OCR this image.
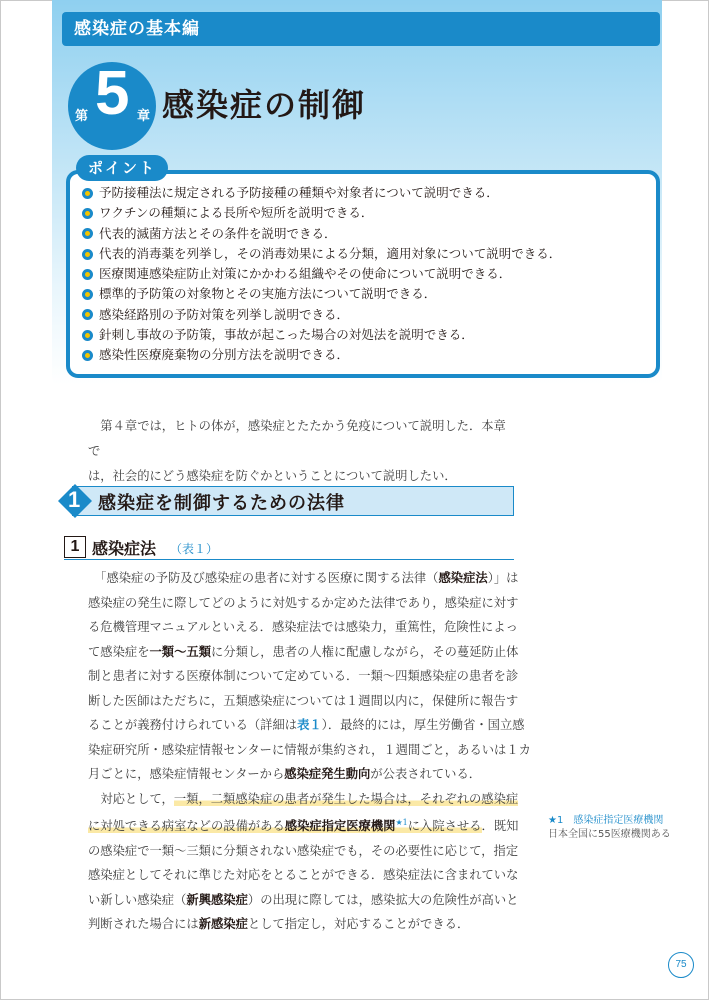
感染症の基本編
第 5 章 感染症の制御
ポイント
予防接種法に規定される予防接種の種類や対象者について説明できる．
ワクチンの種類による長所や短所を説明できる．
代表的滅菌方法とその条件を説明できる．
代表的消毒薬を列挙し，その消毒効果による分類，適用対象について説明できる．
医療関連感染症防止対策にかかわる組織やその使命について説明できる．
標準的予防策の対象物とその実施方法について説明できる．
感染経路別の予防対策を列挙し説明できる．
針刺し事故の予防策，事故が起こった場合の対処法を説明できる．
感染性医療廃棄物の分別方法を説明できる．

第４章では，ヒトの体が，感染症とたたかう免疫について説明した．本章で

は，社会的にどう感染症を防ぐかということについて説明したい．
1 感染症を制御するための法律
1 感染症法 （表１）
　「感染症の予防及び感染症の患者に対する医療に関する法律（感染症法）」は
感染症の発生に際してどのように対処するか定めた法律であり，感染症に対す
る危機管理マニュアルといえる．感染症法では感染力，重篤性，危険性によっ
て感染症を一類〜五類に分類し，患者の人権に配慮しながら，その蔓延防止体
制と患者に対する医療体制について定めている．一類〜四類感染症の患者を診
断した医師はただちに，五類感染症については１週間以内に，保健所に報告す
ることが義務付けられている（詳細は表１）．最終的には，厚生労働省・国立感
染症研究所・感染症情報センターに情報が集約され，１週間ごと，あるいは１カ
月ごとに，感染症情報センターから感染症発生動向が公表されている．
　対応として，一類，二類感染症の患者が発生した場合は，それぞれの感染症
に対処できる病室などの設備がある感染症指定医療機関$^{★1}$に入院させる．既知
の感染症で一類〜三類に分類されない感染症でも，その必要性に応じて，指定
感染症としてそれに準じた対応をとることができる．感染症法に含まれていな
い新しい感染症（新興感染症）の出現に際しては，感染拡大の危険性が高いと
判断された場合には新感染症として指定し，対応することができる．
★1　感染症指定医療機関
日本全国に55医療機関ある
75
